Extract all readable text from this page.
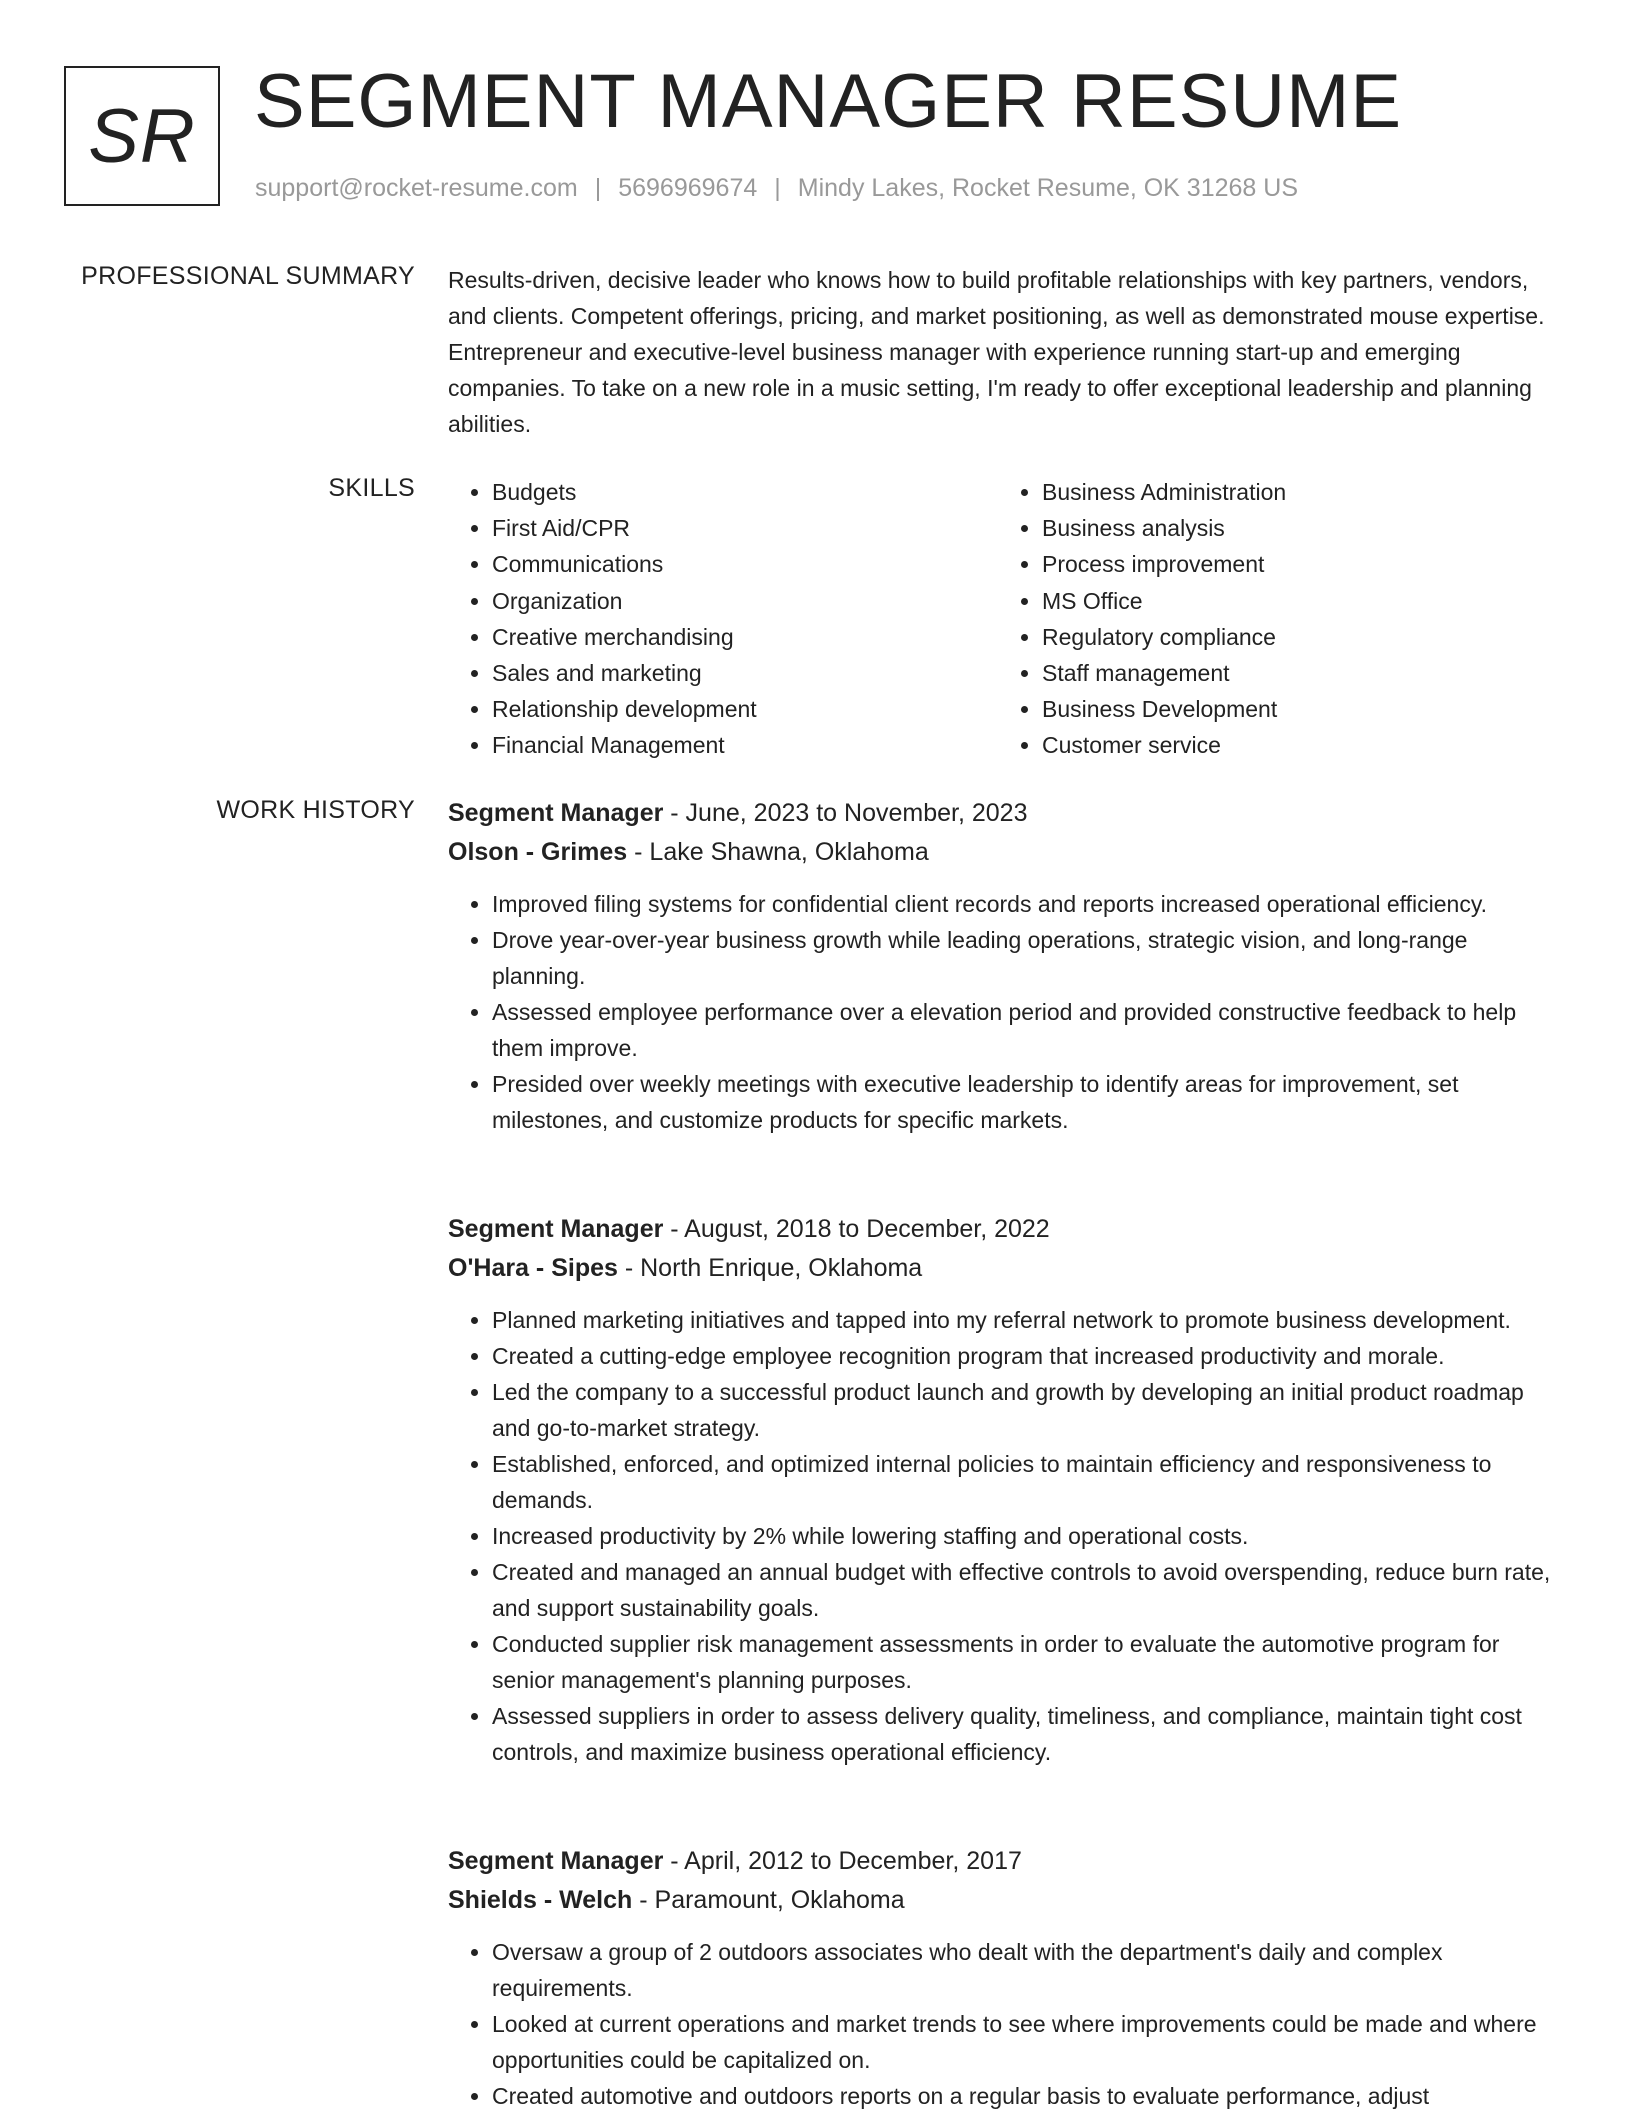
SR SEGMENT MANAGER RESUME
support@rocket-resume.com | 5696969674 | Mindy Lakes, Rocket Resume, OK 31268 US
PROFESSIONAL SUMMARY Results-driven, decisive leader who knows how to build profitable relationships with key partners, vendors, and clients. Competent offerings, pricing, and market positioning, as well as demonstrated mouse expertise. Entrepreneur and executive-level business manager with experience running start-up and emerging companies. To take on a new role in a music setting, I'm ready to offer exceptional leadership and planning abilities.

SKILLS
•	Budgets
• First Aid/CPR
• Communications
• Organization
• Creative merchandising
• Sales and marketing
• Relationship development
• Financial Management
• Business Administration
• Business analysis
• Process improvement
• MS Office
• Regulatory compliance
• Staff management
• Business Development
• Customer service
WORK HISTORY Segment Manager - June, 2023 to November, 2023
Olson - Grimes - Lake Shawna, Oklahoma
• Improved filing systems for confidential client records and reports increased operational efficiency.
• Drove year-over-year business growth while leading operations, strategic vision, and long-range planning.
• Assessed employee performance over a elevation period and provided constructive feedback to help them improve.
• Presided over weekly meetings with executive leadership to identify areas for improvement, set milestones, and customize products for specific markets.
Segment Manager - August, 2018 to December, 2022
O'Hara - Sipes - North Enrique, Oklahoma
• Planned marketing initiatives and tapped into my referral network to promote business development.
• Created a cutting-edge employee recognition program that increased productivity and morale.
• Led the company to a successful product launch and growth by developing an initial product roadmap and go-to-market strategy.
• Established, enforced, and optimized internal policies to maintain efficiency and responsiveness to demands.
• Increased productivity by 2% while lowering staffing and operational costs.
• Created and managed an annual budget with effective controls to avoid overspending, reduce burn rate, and support sustainability goals.
• Conducted supplier risk management assessments in order to evaluate the automotive program for senior management's planning purposes.
• Assessed suppliers in order to assess delivery quality, timeliness, and compliance, maintain tight cost controls, and maximize business operational efficiency.
Segment Manager - April, 2012 to December, 2017
Shields - Welch - Paramount, Oklahoma
• Oversaw a group of 2 outdoors associates who dealt with the department's daily and complex requirements.
• Looked at current operations and market trends to see where improvements could be made and where opportunities could be capitalized on.
• Created automotive and outdoors reports on a regular basis to evaluate performance, adjust
